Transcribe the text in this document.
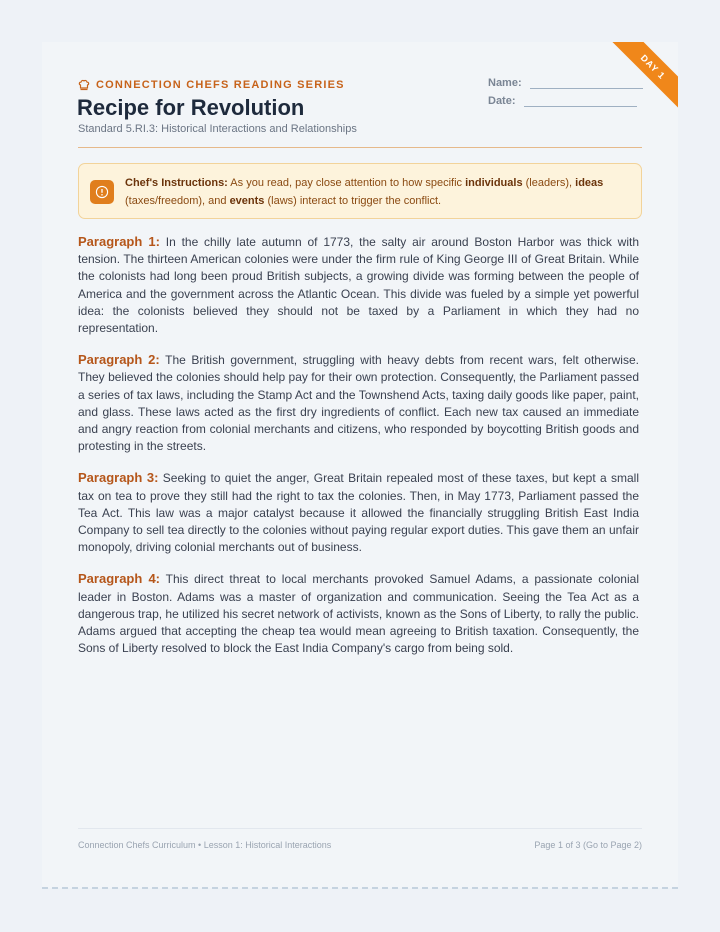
DAY 1
CONNECTION CHEFS READING SERIES
Recipe for Revolution
Standard 5.RI.3: Historical Interactions and Relationships
Name:
Date:
Chef's Instructions: As you read, pay close attention to how specific individuals (leaders), ideas (taxes/freedom), and events (laws) interact to trigger the conflict.

Paragraph 1: In the chilly late autumn of 1773, the salty air around Boston Harbor was thick with tension. The thirteen American colonies were under the firm rule of King George III of Great Britain. While the colonists had long been proud British subjects, a growing divide was forming between the people of America and the government across the Atlantic Ocean. This divide was fueled by a simple yet powerful idea: the colonists believed they should not be taxed by a Parliament in which they had no representation.

Paragraph 2: The British government, struggling with heavy debts from recent wars, felt otherwise. They believed the colonies should help pay for their own protection. Consequently, the Parliament passed a series of tax laws, including the Stamp Act and the Townshend Acts, taxing daily goods like paper, paint, and glass. These laws acted as the first dry ingredients of conflict. Each new tax caused an immediate and angry reaction from colonial merchants and citizens, who responded by boycotting British goods and protesting in the streets.

Paragraph 3: Seeking to quiet the anger, Great Britain repealed most of these taxes, but kept a small tax on tea to prove they still had the right to tax the colonies. Then, in May 1773, Parliament passed the Tea Act. This law was a major catalyst because it allowed the financially struggling British East India Company to sell tea directly to the colonies without paying regular export duties. This gave them an unfair monopoly, driving colonial merchants out of business.

Paragraph 4: This direct threat to local merchants provoked Samuel Adams, a passionate colonial leader in Boston. Adams was a master of organization and communication. Seeing the Tea Act as a dangerous trap, he utilized his secret network of activists, known as the Sons of Liberty, to rally the public. Adams argued that accepting the cheap tea would mean agreeing to British taxation. Consequently, the Sons of Liberty resolved to block the East India Company's cargo from being sold.

Connection Chefs Curriculum • Lesson 1: Historical Interactions	Page 1 of 3 (Go to Page 2)
